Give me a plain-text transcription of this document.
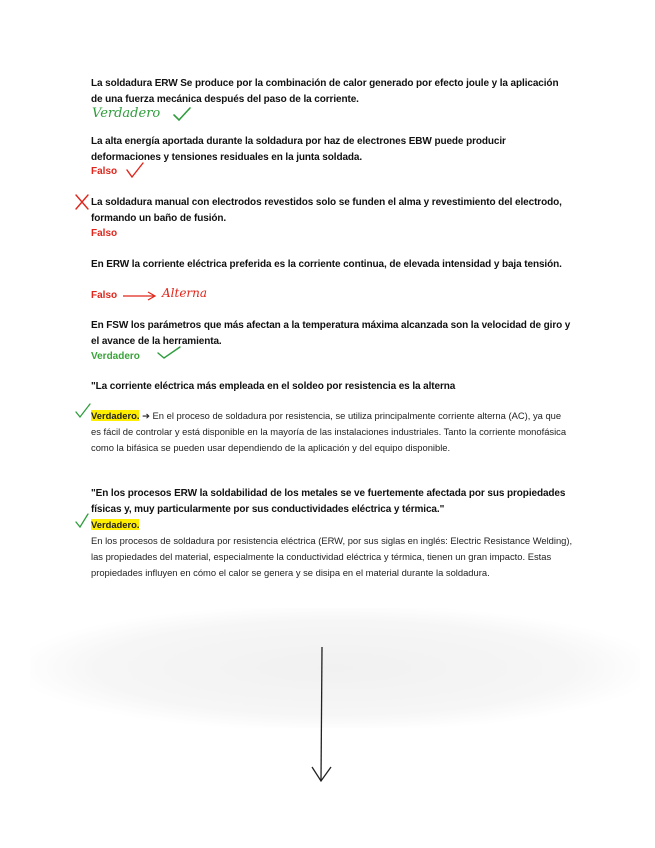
La soldadura ERW Se produce por la combinación de calor generado por efecto joule y la aplicación de una fuerza mecánica después del paso de la corriente.
Verdadero
La alta energía aportada durante la soldadura por haz de electrones EBW puede producir deformaciones y tensiones residuales en la junta soldada.
Falso
La soldadura manual con electrodos revestidos solo se funden el alma y revestimiento del electrodo, formando un baño de fusión.
Falso
En ERW la corriente eléctrica preferida es la corriente continua, de elevada intensidad y baja tensión.
Falso	Alterna
En FSW los parámetros que más afectan a la temperatura máxima alcanzada son la velocidad de giro y el avance de la herramienta.
Verdadero
"La corriente eléctrica más empleada en el soldeo por resistencia es la alterna
Verdadero. ➔ En el proceso de soldadura por resistencia, se utiliza principalmente corriente alterna (AC), ya que es fácil de controlar y está disponible en la mayoría de las instalaciones industriales. Tanto la corriente monofásica como la bifásica se pueden usar dependiendo de la aplicación y del equipo disponible.
"En los procesos ERW la soldabilidad de los metales se ve fuertemente afectada por sus propiedades físicas y, muy particularmente por sus conductividades eléctrica y térmica."
Verdadero.
En los procesos de soldadura por resistencia eléctrica (ERW, por sus siglas en inglés: Electric Resistance Welding), las propiedades del material, especialmente la conductividad eléctrica y térmica, tienen un gran impacto. Estas propiedades influyen en cómo el calor se genera y se disipa en el material durante la soldadura.
